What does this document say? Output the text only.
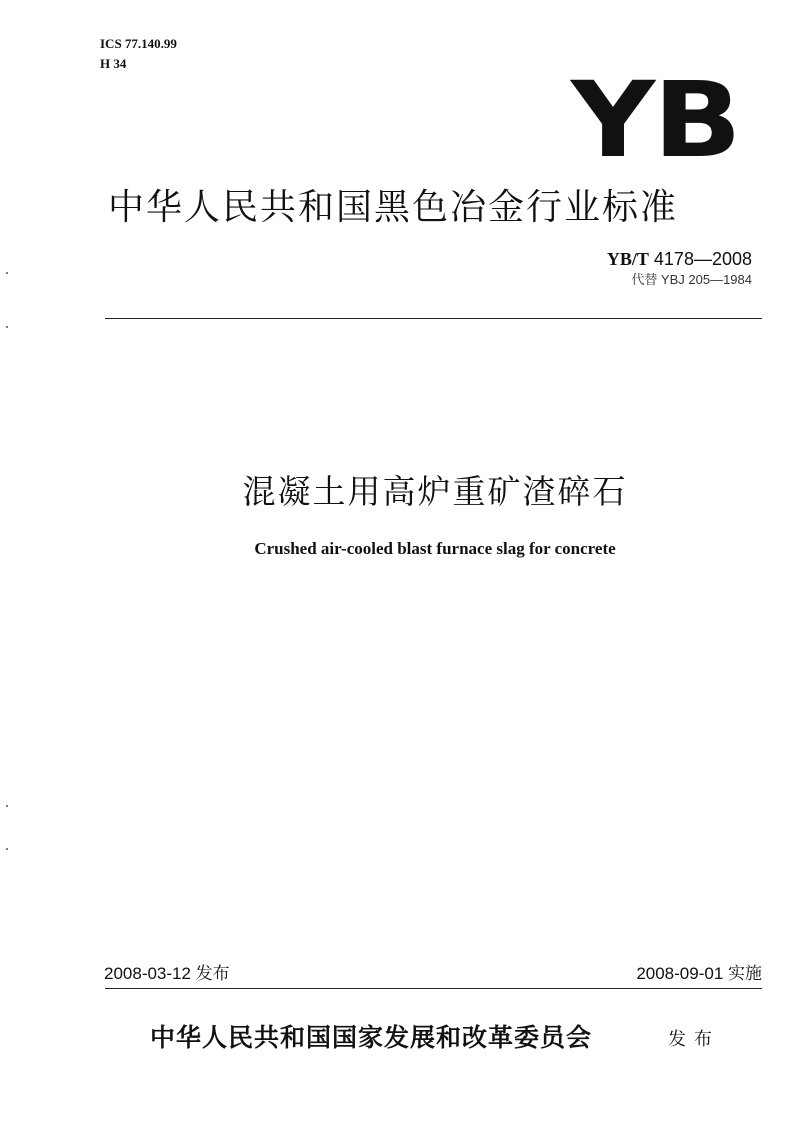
ICS 77.140.99
H 34	YB
中华人民共和国黑色冶金行业标准
YB/T 4178—2008
代替 YBJ 205—1984
混凝土用高炉重矿渣碎石
Crushed air-cooled blast furnace slag for concrete
2008-03-12 发布	2008-09-01 实施
中华人民共和国国家发展和改革委员会	发布
